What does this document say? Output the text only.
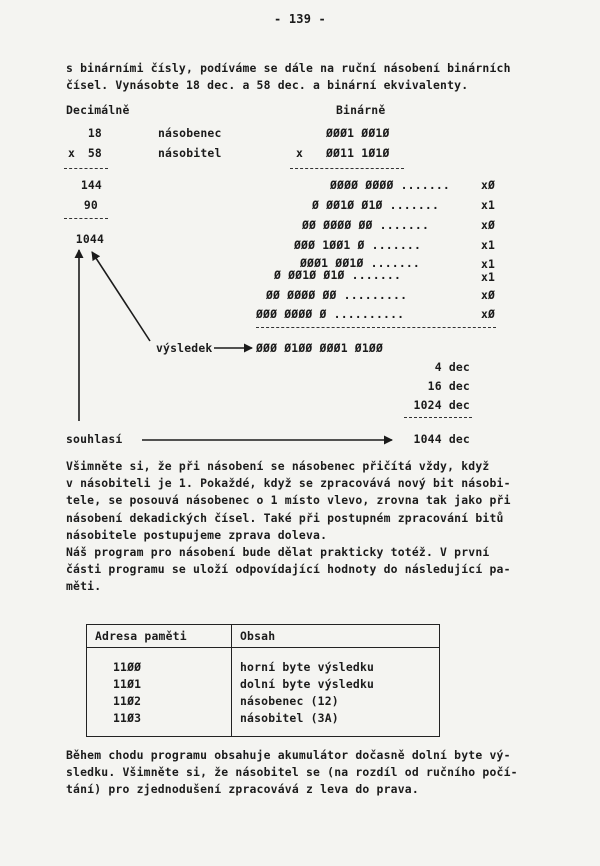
- 139 -
s binárními čísly, podíváme se dále na ruční násobení binárních
čísel. Vynásobte 18 dec. a 58 dec. a binární ekvivalenty.
Decimálně	Binárně
18	násobenec	ØØØ1 ØØ1Ø
x	58	násobitel	x ØØ11 1Ø1Ø
144
90
1044
ØØØØ ØØØØ .......	xØ
Ø ØØ1Ø Ø1Ø .......	x1
ØØ ØØØØ ØØ .......	xØ
ØØØ 1ØØ1 Ø .......	x1
ØØØ1 ØØ1Ø .......	x1
Ø ØØ1Ø Ø1Ø .......	x1
ØØ ØØØØ ØØ .........	xØ
ØØØ ØØØØ Ø ..........	xØ
výsledek	ØØØ Ø1ØØ ØØØ1 Ø1ØØ
4 dec
16 dec
1024 dec
souhlasí	1044 dec
Všimněte si, že při násobení se násobenec přičítá vždy, když
v násobiteli je 1. Pokaždé, když se zpracovává nový bit násobi-
tele, se posouvá násobenec o 1 místo vlevo, zrovna tak jako při
násobení dekadických čísel. Také při postupném zpracování bitů
násobitele postupujeme zprava doleva.
Náš program pro násobení bude dělat prakticky totéž. V první
části programu se uloží odpovídající hodnoty do následující pa-
měti.
Adresa paměti	Obsah

11ØØ	horní byte výsledku
11Ø1	dolní byte výsledku
11Ø2	násobenec (12)
11Ø3	násobitel (3A)

Během chodu programu obsahuje akumulátor dočasně dolní byte vý-
sledku. Všimněte si, že násobitel se (na rozdíl od ručního počí-
tání) pro zjednodušení zpracovává z leva do prava.
